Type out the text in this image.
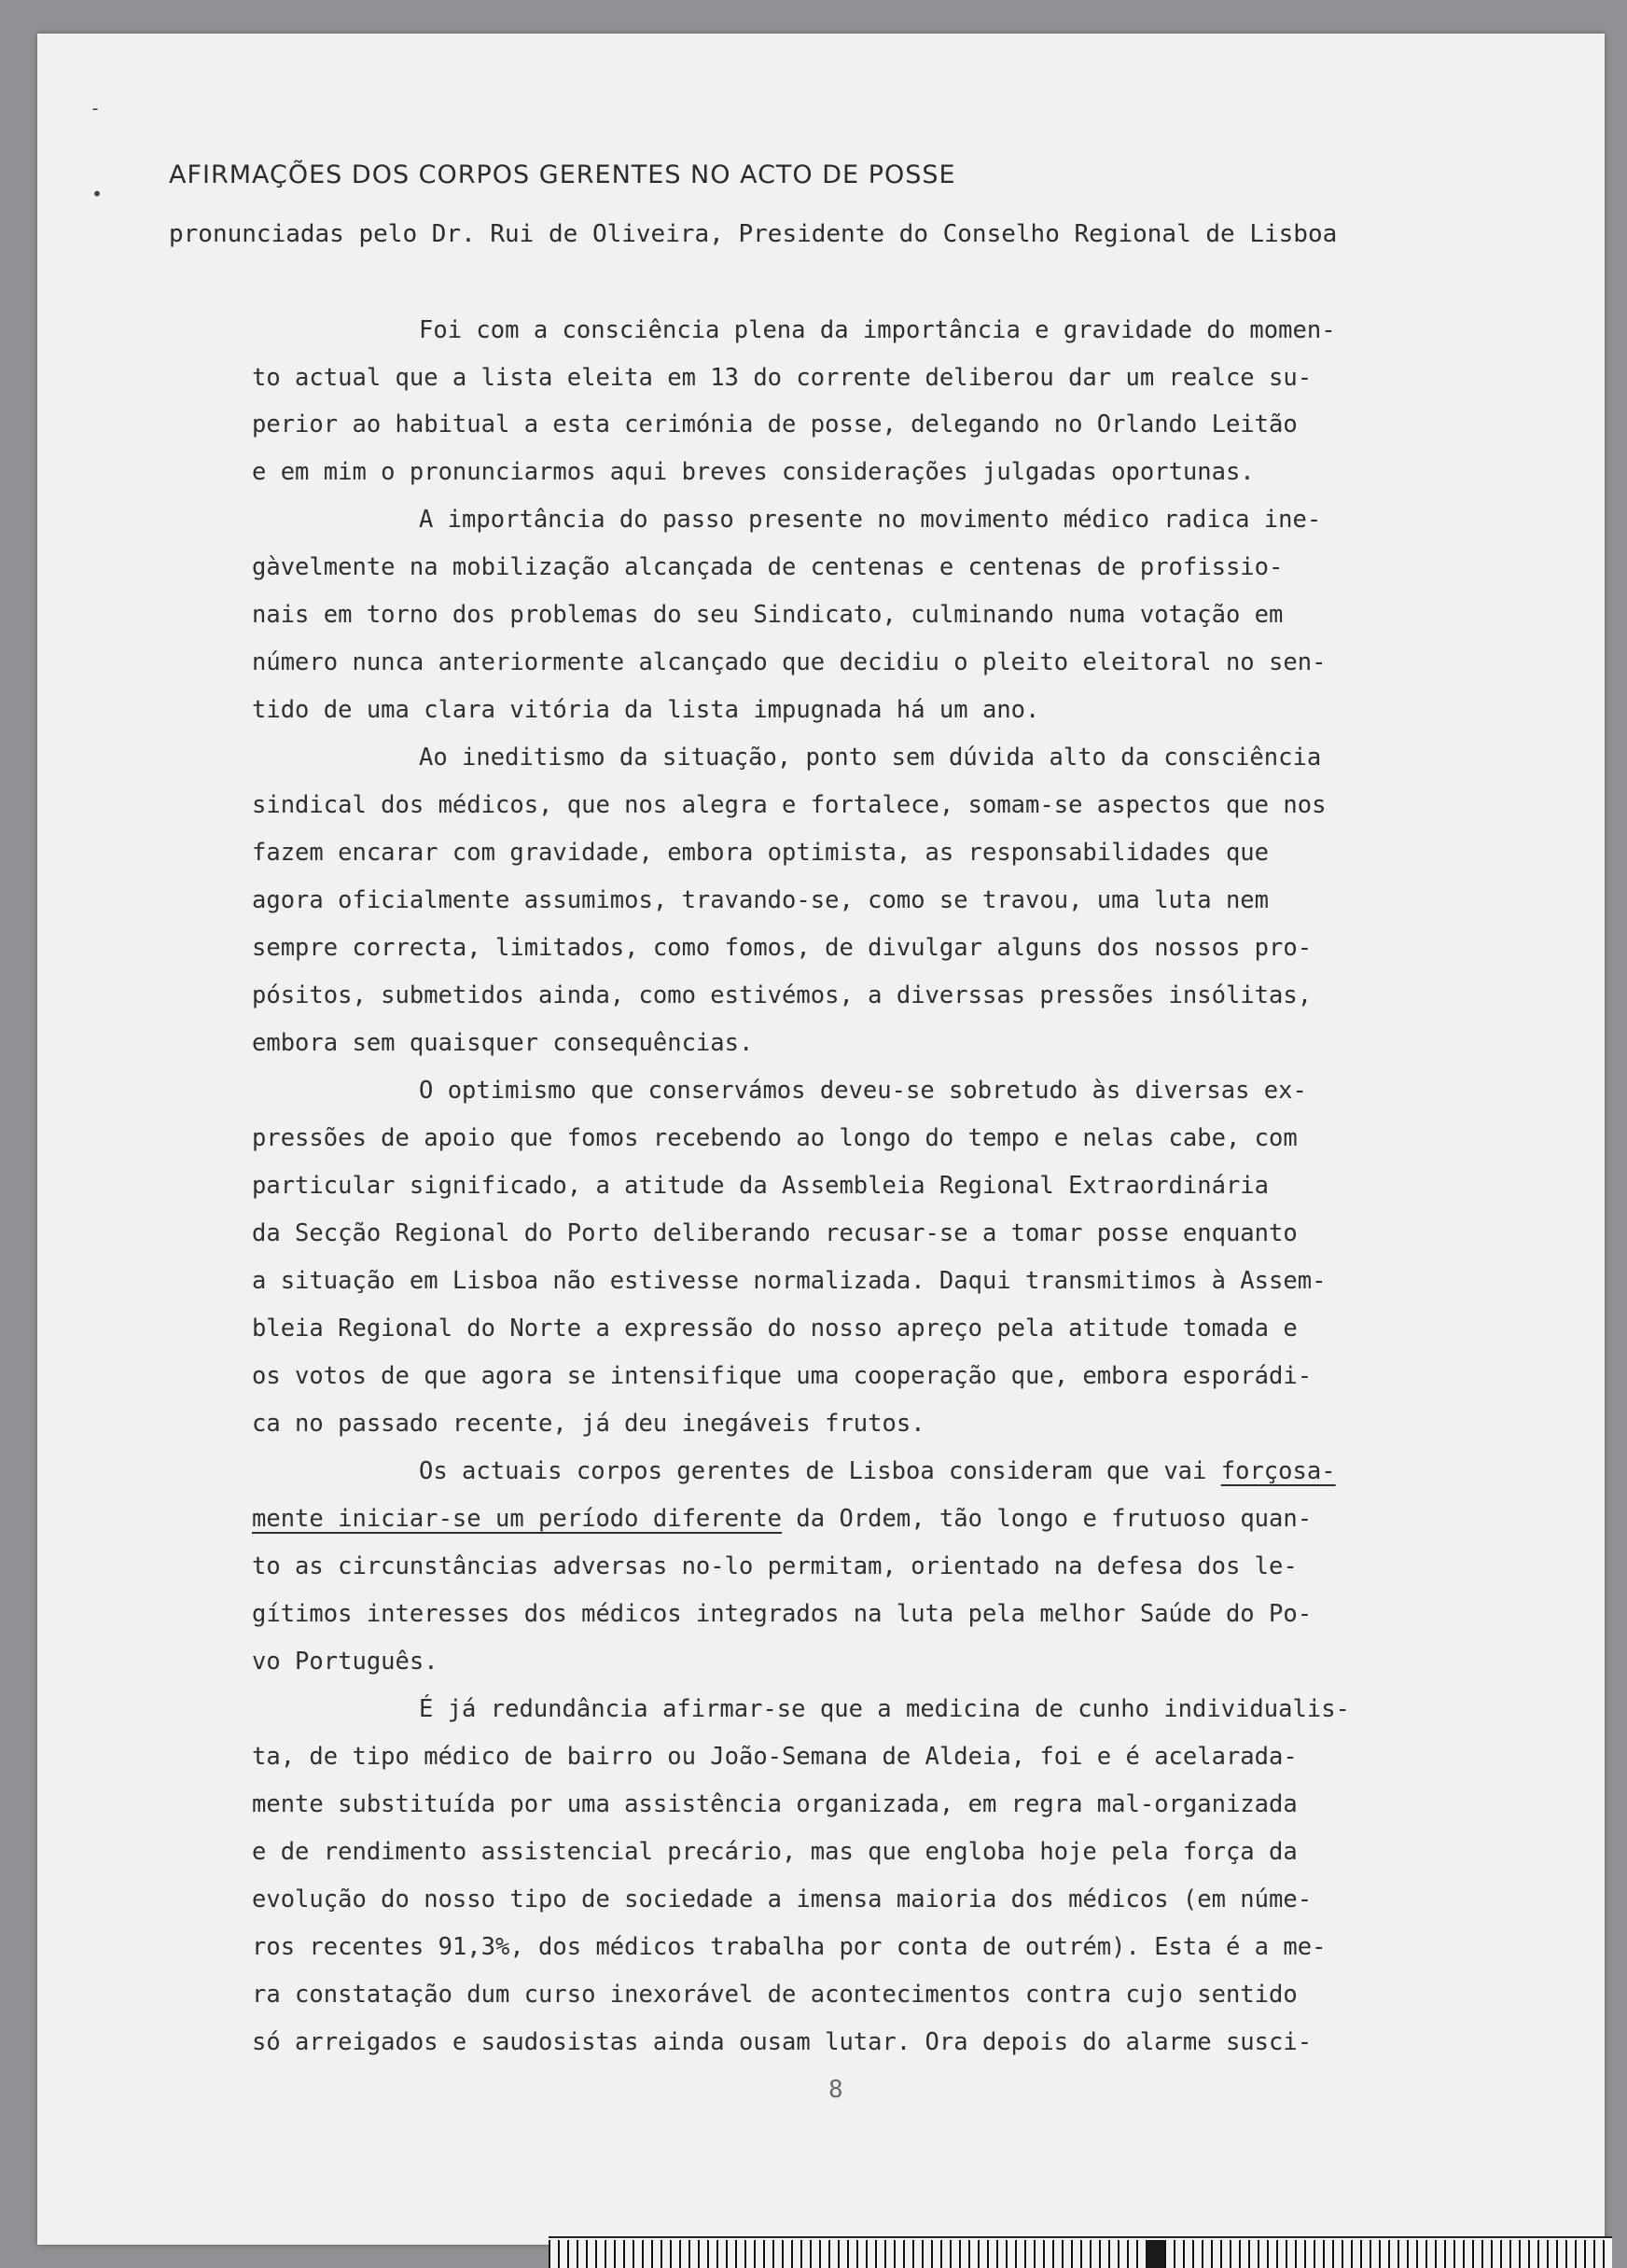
-
•
AFIRMAÇÕES DOS CORPOS GERENTES NO ACTO DE POSSE
pronunciadas pelo Dr. Rui de Oliveira, Presidente do Conselho Regional de Lisboa
Foi com a consciência plena da importância e gravidade do momen-
to actual que a lista eleita em 13 do corrente deliberou dar um realce su-
perior ao habitual a esta cerimónia de posse, delegando no Orlando Leitão
e em mim o pronunciarmos aqui breves considerações julgadas oportunas.
A importância do passo presente no movimento médico radica ine-
gàvelmente na mobilização alcançada de centenas e centenas de profissio-
nais em torno dos problemas do seu Sindicato, culminando numa votação em
número nunca anteriormente alcançado que decidiu o pleito eleitoral no sen-
tido de uma clara vitória da lista impugnada há um ano.
Ao ineditismo da situação, ponto sem dúvida alto da consciência
sindical dos médicos, que nos alegra e fortalece, somam-se aspectos que nos
fazem encarar com gravidade, embora optimista, as responsabilidades que
agora oficialmente assumimos, travando-se, como se travou, uma luta nem
sempre correcta, limitados, como fomos, de divulgar alguns dos nossos pro-
pósitos, submetidos ainda, como estivémos, a diverssas pressões insólitas,
embora sem quaisquer consequências.
O optimismo que conservámos deveu-se sobretudo às diversas ex-
pressões de apoio que fomos recebendo ao longo do tempo e nelas cabe, com
particular significado, a atitude da Assembleia Regional Extraordinária
da Secção Regional do Porto deliberando recusar-se a tomar posse enquanto
a situação em Lisboa não estivesse normalizada. Daqui transmitimos à Assem-
bleia Regional do Norte a expressão do nosso apreço pela atitude tomada e
os votos de que agora se intensifique uma cooperação que, embora esporádi-
ca no passado recente, já deu inegáveis frutos.
Os actuais corpos gerentes de Lisboa consideram que vai forçosa-
mente iniciar-se um período diferente da Ordem, tão longo e frutuoso quan-
to as circunstâncias adversas no-lo permitam, orientado na defesa dos le-
gítimos interesses dos médicos integrados na luta pela melhor Saúde do Po-
vo Português.
É já redundância afirmar-se que a medicina de cunho individualis-
ta, de tipo médico de bairro ou João-Semana de Aldeia, foi e é acelarada-
mente substituída por uma assistência organizada, em regra mal-organizada
e de rendimento assistencial precário, mas que engloba hoje pela força da
evolução do nosso tipo de sociedade a imensa maioria dos médicos (em núme-
ros recentes 91,3%, dos médicos trabalha por conta de outrém). Esta é a me-
ra constatação dum curso inexorável de acontecimentos contra cujo sentido
só arreigados e saudosistas ainda ousam lutar. Ora depois do alarme susci-
8
